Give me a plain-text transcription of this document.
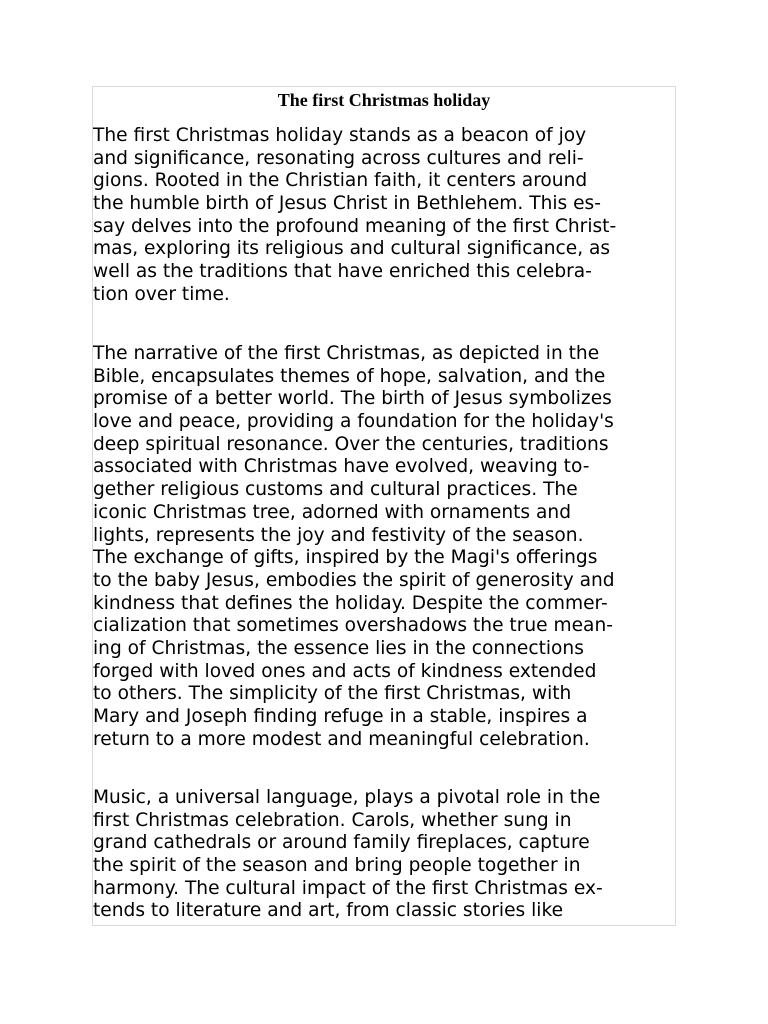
The first Christmas holiday

The first Christmas holiday stands as a beacon of joy
and significance, resonating across cultures and reli-
gions. Rooted in the Christian faith, it centers around
the humble birth of Jesus Christ in Bethlehem. This es-
say delves into the profound meaning of the first Christ-
mas, exploring its religious and cultural significance, as
well as the traditions that have enriched this celebra-
tion over time.

The narrative of the first Christmas, as depicted in the
Bible, encapsulates themes of hope, salvation, and the
promise of a better world. The birth of Jesus symbolizes
love and peace, providing a foundation for the holiday's
deep spiritual resonance. Over the centuries, traditions
associated with Christmas have evolved, weaving to-
gether religious customs and cultural practices. The
iconic Christmas tree, adorned with ornaments and
lights, represents the joy and festivity of the season.
The exchange of gifts, inspired by the Magi's offerings
to the baby Jesus, embodies the spirit of generosity and
kindness that defines the holiday. Despite the commer-
cialization that sometimes overshadows the true mean-
ing of Christmas, the essence lies in the connections
forged with loved ones and acts of kindness extended
to others. The simplicity of the first Christmas, with
Mary and Joseph finding refuge in a stable, inspires a
return to a more modest and meaningful celebration.

Music, a universal language, plays a pivotal role in the
first Christmas celebration. Carols, whether sung in
grand cathedrals or around family fireplaces, capture
the spirit of the season and bring people together in
harmony. The cultural impact of the first Christmas ex-
tends to literature and art, from classic stories like
